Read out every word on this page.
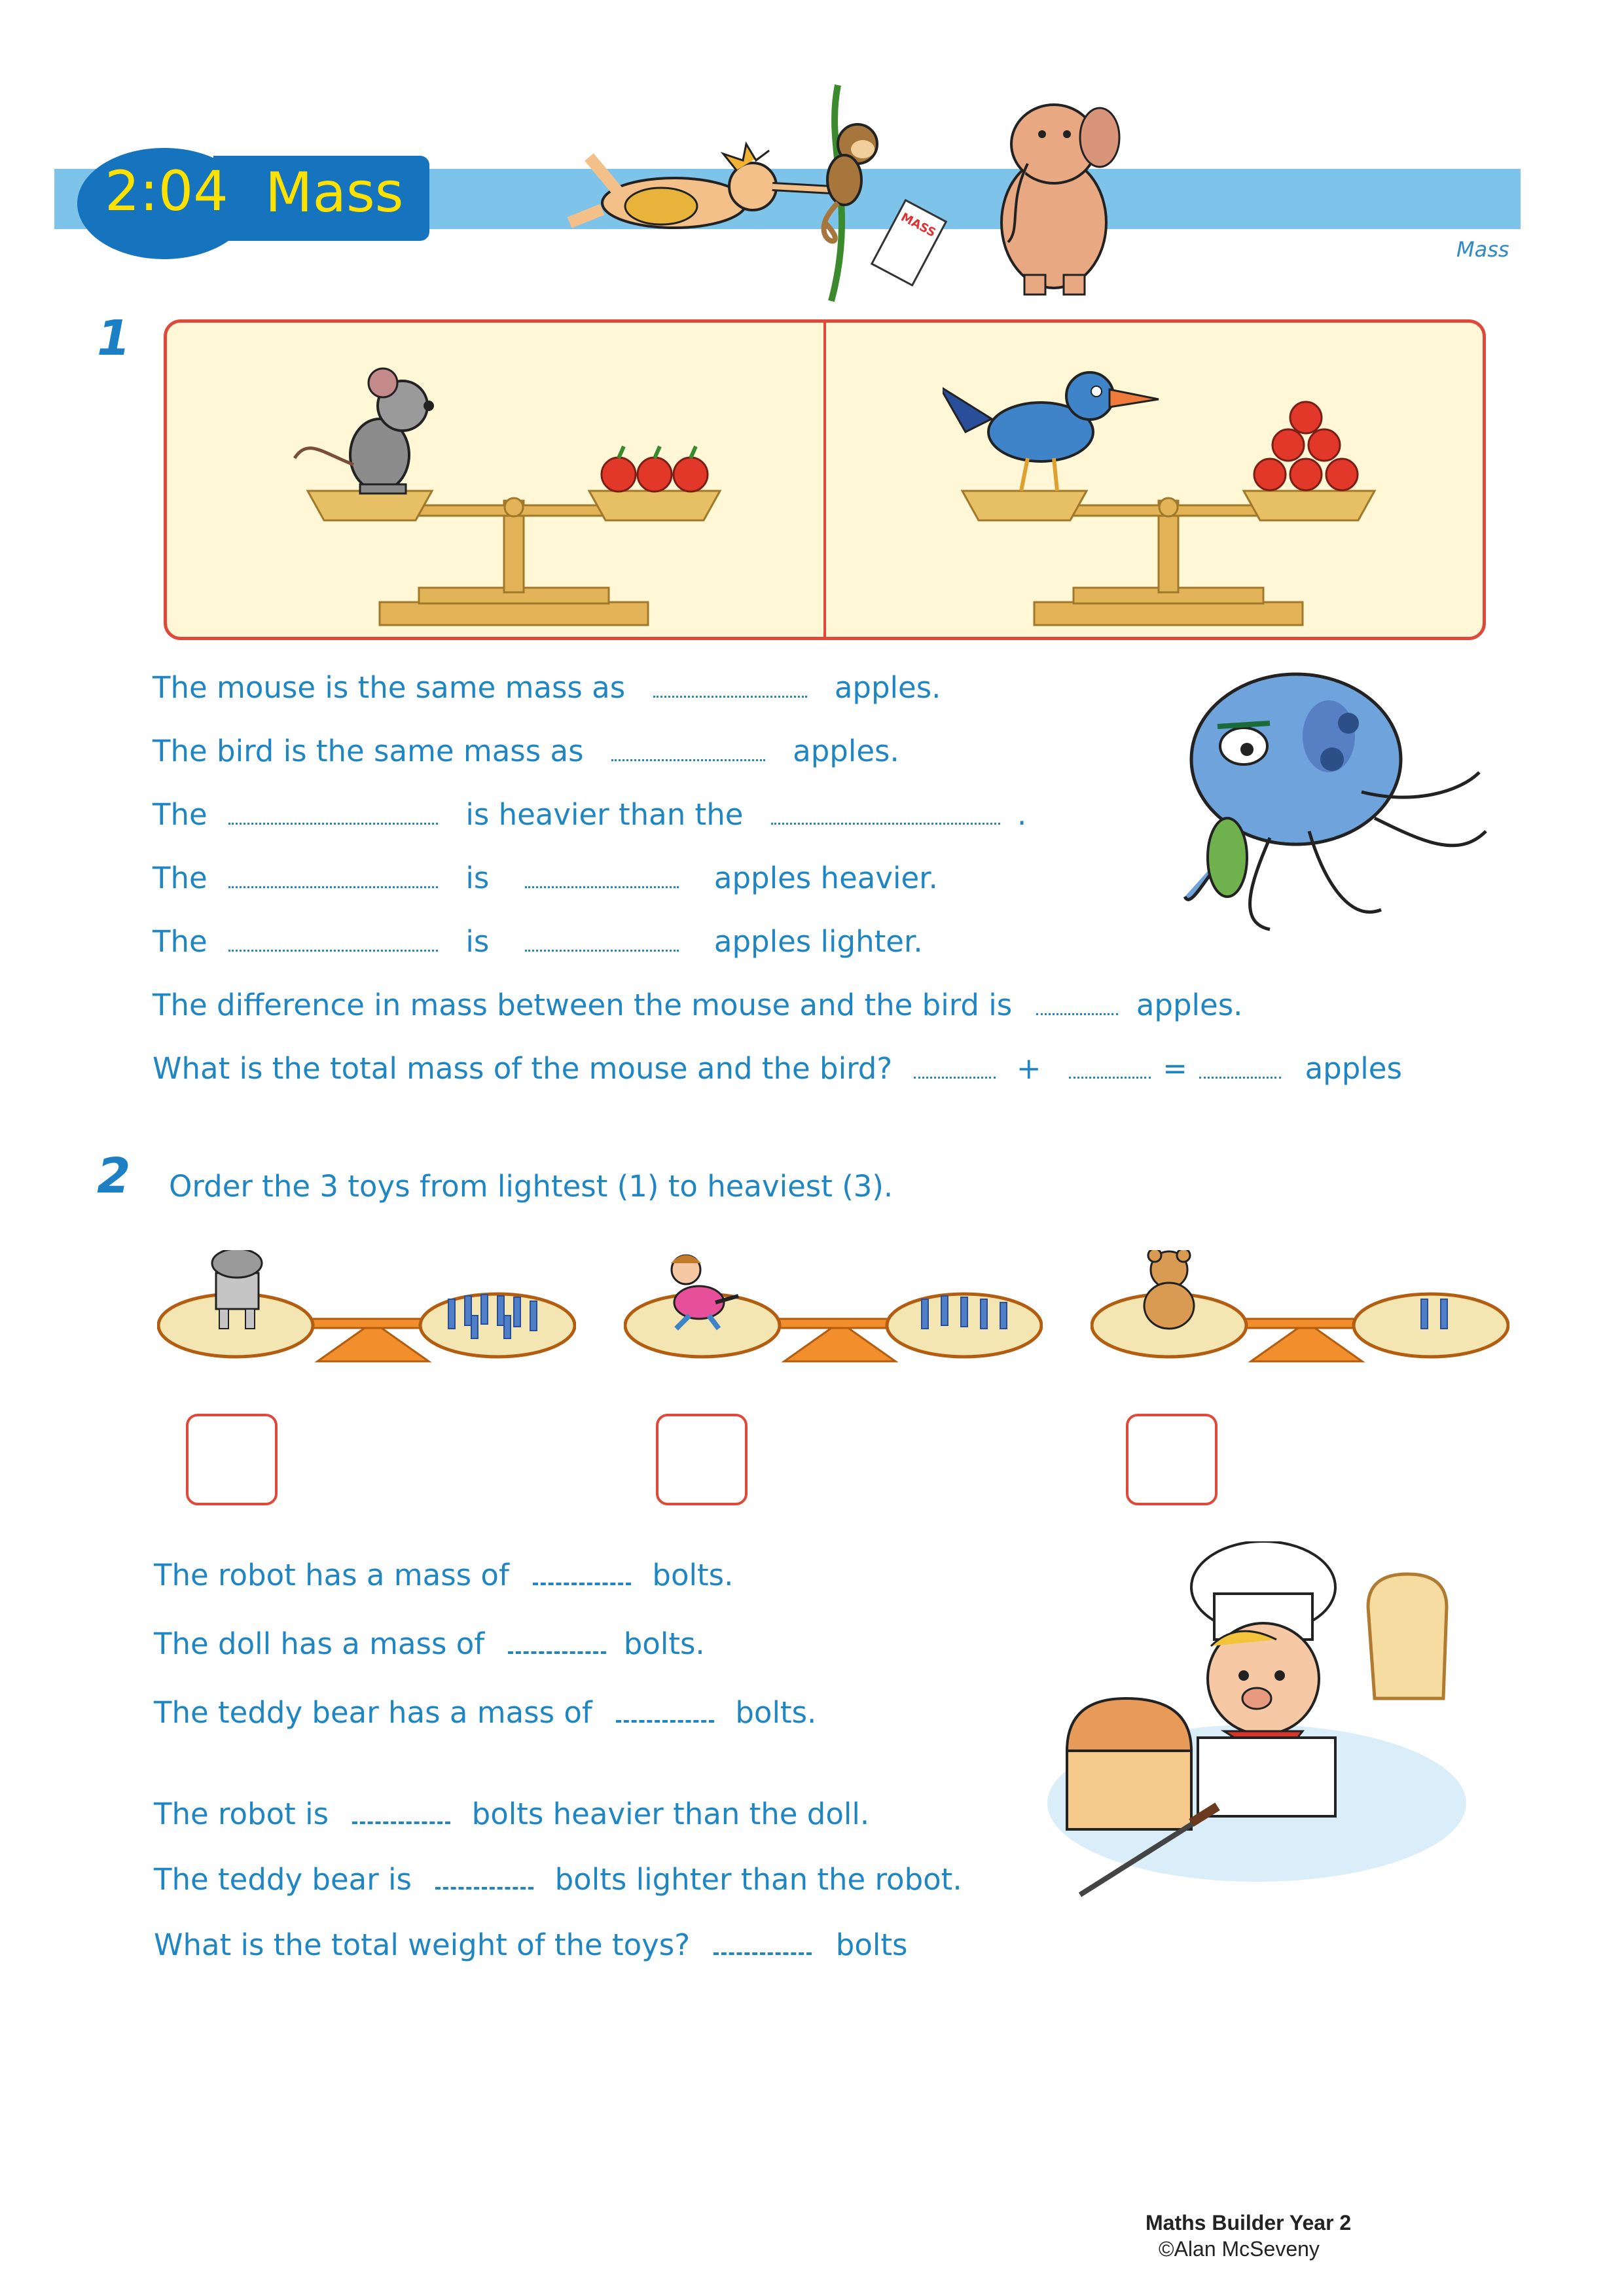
2:04 Mass
Mass
MASS
1
The mouse is the same mass as	apples.
The bird is the same mass as	apples.
The	is heavier than the	.
The	is	apples heavier.
The	is	apples lighter.
The difference in mass between the mouse and the bird is	apples.
What is the total mass of the mouse and the bird?	+	=	apples
2 Order the 3 toys from lightest (1) to heaviest (3).
The robot has a mass of	bolts.
The doll has a mass of	bolts.
The teddy bear has a mass of	bolts.
The robot is	bolts heavier than the doll.
The teddy bear is	bolts lighter than the robot.
What is the total weight of the toys?	bolts
Maths Builder Year 2
©Alan McSeveny
